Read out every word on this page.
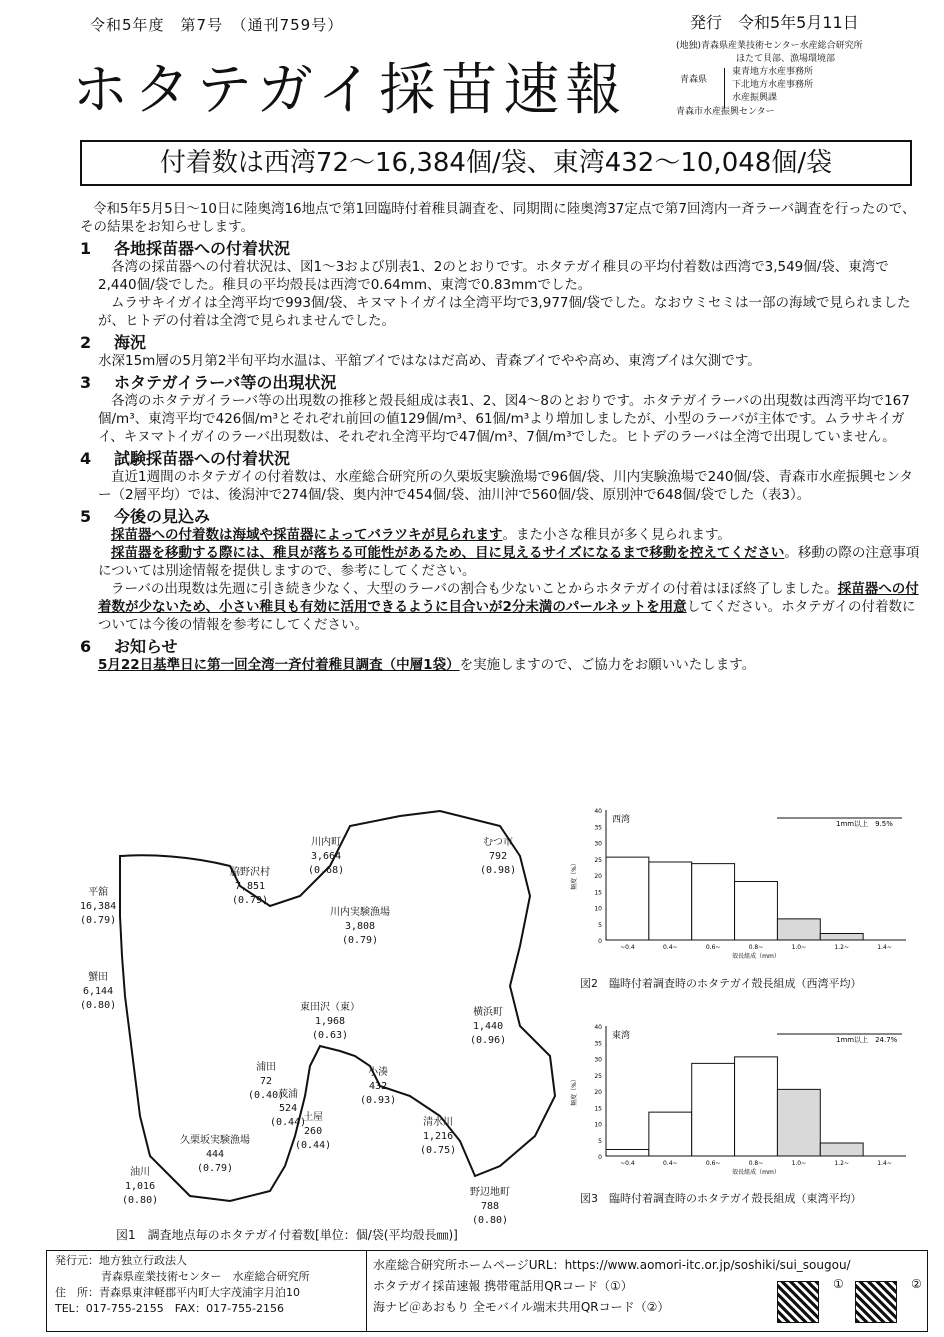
令和5年度　第7号　（通刊759号）	発行　令和5年5月11日
ホタテガイ採苗速報
(地独)青森県産業技術センター水産総合研究所
ほたて貝部、漁場環境部
青森県
東青地方水産事務所
下北地方水産事務所
水産振興課
青森市水産振興センター
付着数は西湾72～16,384個/袋、東湾432～10,048個/袋

令和5年5月5日～10日に陸奥湾16地点で第1回臨時付着稚貝調査を、同期間に陸奥湾37定点で第7回湾内一斉ラーバ調査を行ったので、その結果をお知らせします。

1 各地採苗器への付着状況

各湾の採苗器への付着状況は、図1～3および別表1、2のとおりです。ホタテガイ稚貝の平均付着数は西湾で3,549個/袋、東湾で2,440個/袋でした。稚貝の平均殻長は西湾で0.64mm、東湾で0.83mmでした。

ムラサキイガイは全湾平均で993個/袋、キヌマトイガイは全湾平均で3,977個/袋でした。なおウミセミは一部の海域で見られましたが、ヒトデの付着は全湾で見られませんでした。

2 海況

水深15m層の5月第2半旬平均水温は、平舘ブイではなはだ高め、青森ブイでやや高め、東湾ブイは欠測です。

3 ホタテガイラーバ等の出現状況

各湾のホタテガイラーバ等の出現数の推移と殻長組成は表1、2、図4～8のとおりです。ホタテガイラーバの出現数は西湾平均で167個/m³、東湾平均で426個/m³とそれぞれ前回の値129個/m³、61個/m³より増加しましたが、小型のラーバが主体です。ムラサキイガイ、キヌマトイガイのラーバ出現数は、それぞれ全湾平均で47個/m³、7個/m³でした。ヒトデのラーバは全湾で出現していません。

4 試験採苗器への付着状況

直近1週間のホタテガイの付着数は、水産総合研究所の久栗坂実験漁場で96個/袋、川内実験漁場で240個/袋、青森市水産振興センター（2層平均）では、後潟沖で274個/袋、奥内沖で454個/袋、油川沖で560個/袋、原別沖で648個/袋でした（表3）。

5 今後の見込み

採苗器への付着数は海域や採苗器によってバラツキが見られます。また小さな稚貝が多く見られます。

採苗器を移動する際には、稚貝が落ちる可能性があるため、目に見えるサイズになるまで移動を控えてください。移動の際の注意事項については別途情報を提供しますので、参考にしてください。

ラーバの出現数は先週に引き続き少なく、大型のラーバの割合も少ないことからホタテガイの付着はほぼ終了しました。採苗器への付着数が少ないため、小さい稚貝も有効に活用できるように目合いが2分未満のパールネットを用意してください。ホタテガイの付着数については今後の情報を参考にしてください。

6 お知らせ

5月22日基準日に第一回全湾一斉付着稚貝調査（中層1袋）を実施しますので、ご協力をお願いいたします。

平舘
16,384
(0.79)
蟹田
6,144
(0.80)
脇野沢村
7,851
(0.79)
川内町
3,664
(0.68)
むつ市
792
(0.98)
川内実験漁場
3,808
(0.79)
東田沢（東）
1,968
(0.63)
横浜町
1,440
(0.96)
小湊
432
(0.93)
清水川
1,216
(0.75)
野辺地町
788
(0.80)
浦田
72
(0.40)
茂浦
524
(0.44)
土屋
260
(0.44)
久栗坂実験漁場
444
(0.79)
油川
1,016
(0.80)
図1　調査地点毎のホタテガイ付着数[単位：個/袋(平均殻長㎜)]
0
5
10
15
20
25
30
35
40
~0.4	0.4~	0.6~	0.8~	1.0~	1.2~	1.4~
西湾	1mm以上　9.5%
殻長組成（mm）
頻度（%）
図2　臨時付着調査時のホタテガイ殻長組成（西湾平均）
0
5
10
15
20
25
30
35
40
~0.4	0.4~	0.6~	0.8~	1.0~	1.2~	1.4~
東湾	1mm以上　24.7%
殻長組成（mm）
頻度（%）
図3　臨時付着調査時のホタテガイ殻長組成（東湾平均）
発行元：地方独立行政法人
青森県産業技術センター　水産総合研究所
住　所：青森県東津軽郡平内町大字茂浦字月泊10
TEL：017-755-2155　FAX：017-755-2156
水産総合研究所ホームページURL：https://www.aomori-itc.or.jp/soshiki/sui_sougou/
ホタテガイ採苗速報 携帯電話用QRコード（①）
海ナビ＠あおもり 全モバイル端末共用QRコード（②）
①	②
